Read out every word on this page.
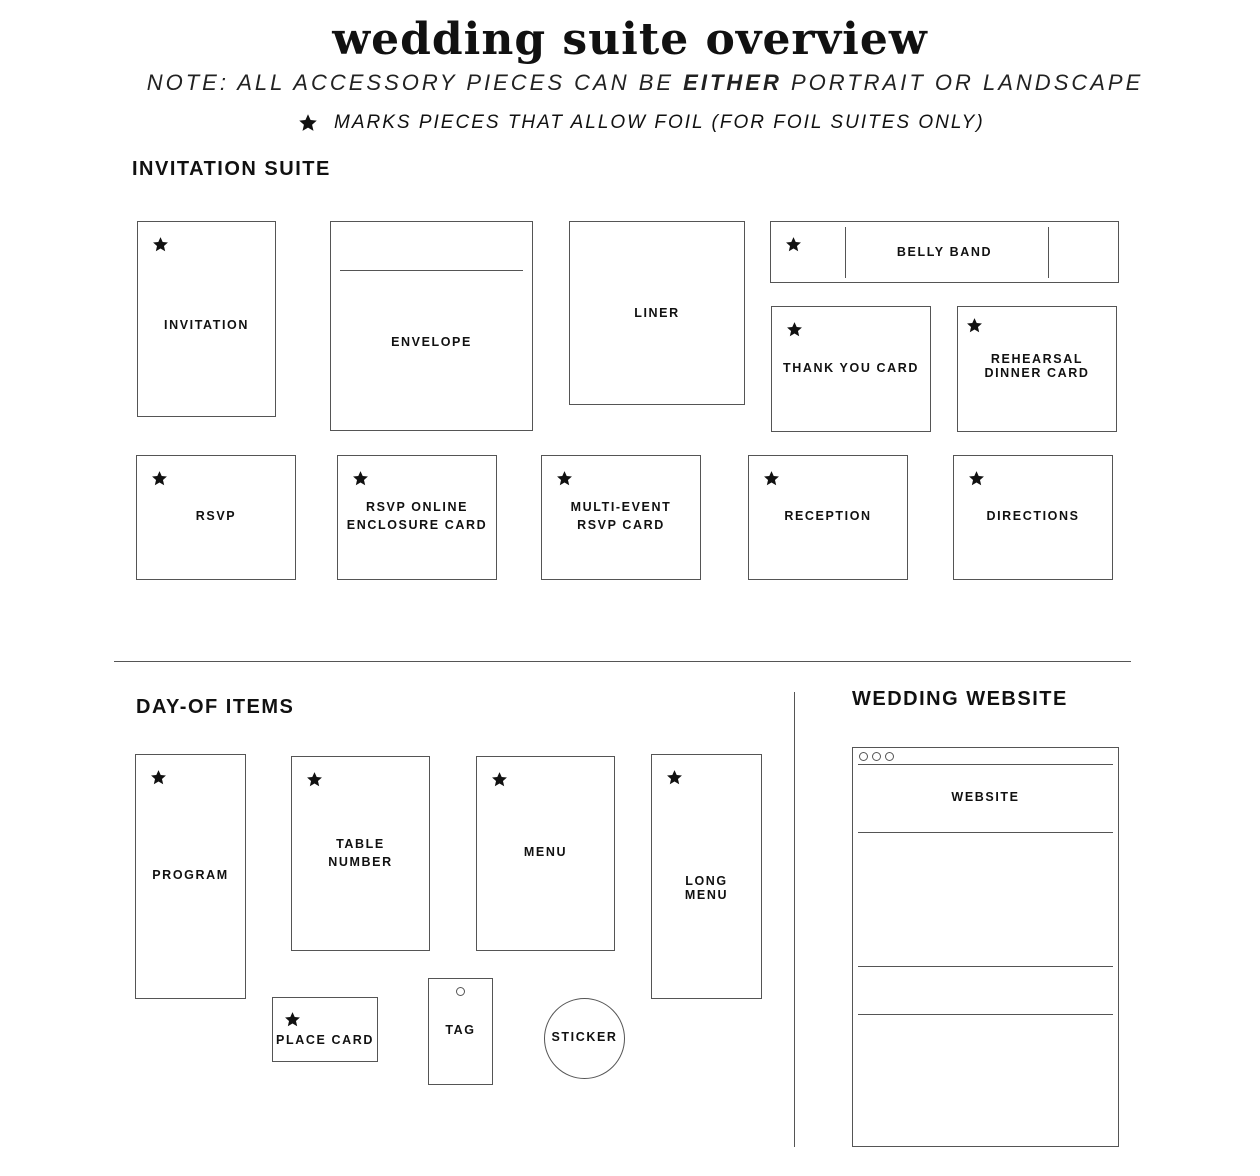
wedding suite overview
NOTE: ALL ACCESSORY PIECES CAN BE EITHER PORTRAIT OR LANDSCAPE
MARKS PIECES THAT ALLOW FOIL (FOR FOIL SUITES ONLY)
INVITATION SUITE
INVITATION
ENVELOPE
LINER
BELLY BAND
THANK YOU CARD
REHEARSAL
DINNER CARD
RSVP
RSVP ONLINE
ENCLOSURE CARD
MULTI-EVENT
RSVP CARD
RECEPTION	DIRECTIONS
DAY-OF ITEMS
PROGRAM
TABLE
NUMBER
MENU
LONG
MENU
PLACE CARD
TAG	STICKER
WEDDING WEBSITE
WEBSITE
